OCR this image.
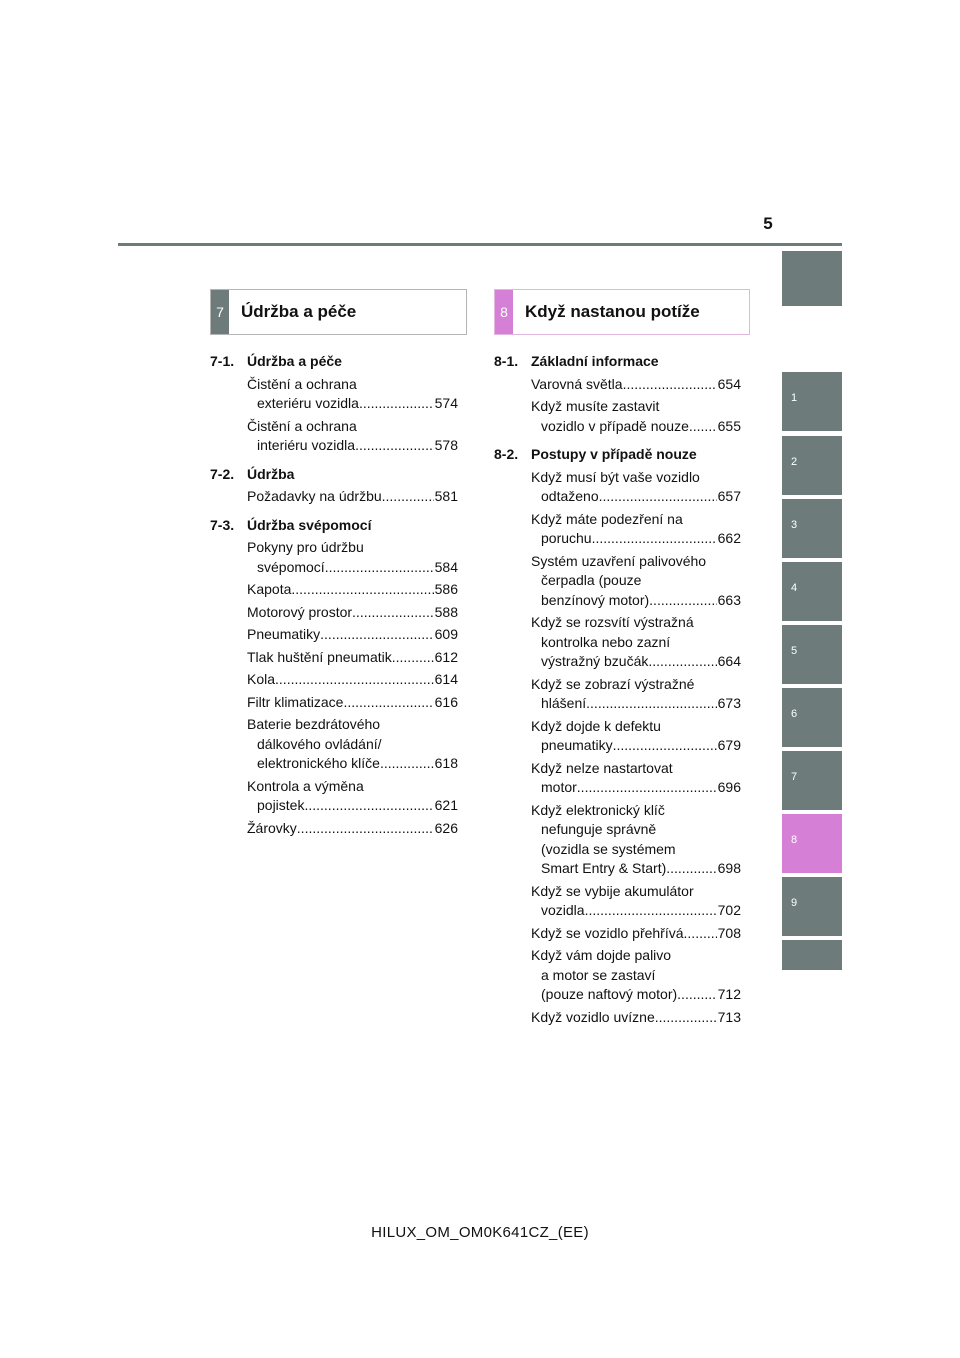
5
1
2
3
4
5
6
7
8
9
7	Údržba a péče	8	Když nastanou potíže
7-1. Údržba a péče
Čistění a ochrana
exteriéru vozidla .....	574
Čistění a ochrana
interiéru vozidla .....	578
7-2. Údržba
Požadavky na údržbu .....	581
7-3. Údržba svépomocí
Pokyny pro údržbu
svépomocí .....	584
Kapota .....	586
Motorový prostor .....	588
Pneumatiky .....	609
Tlak huštění pneumatik .....	612
Kola .....	614
Filtr klimatizace .....	616
Baterie bezdrátového
dálkového ovládání/
elektronického klíče .....	618
Kontrola a výměna
pojistek .....	621
Žárovky .....	626
8-1. Základní informace
Varovná světla .....	654
Když musíte zastavit
vozidlo v případě nouze ..... 655
8-2. Postupy v případě nouze
Když musí být vaše vozidlo
odtaženo .....	657
Když máte podezření na
poruchu .....	662
Systém uzavření palivového
čerpadla (pouze
benzínový motor) .....	663
Když se rozsvítí výstražná
kontrolka nebo zazní
výstražný bzučák .....	664
Když se zobrazí výstražné
hlášení .....	673
Když dojde k defektu
pneumatiky .....	679
Když nelze nastartovat
motor .....	696
Když elektronický klíč
nefunguje správně
(vozidla se systémem
Smart Entry & Start) .....	698
Když se vybije akumulátor
vozidla .....	702
Když se vozidlo přehřívá ..... 708
Když vám dojde palivo
a motor se zastaví
(pouze naftový motor) .....	712
Když vozidlo uvízne .....	713
HILUX_OM_OM0K641CZ_(EE)
